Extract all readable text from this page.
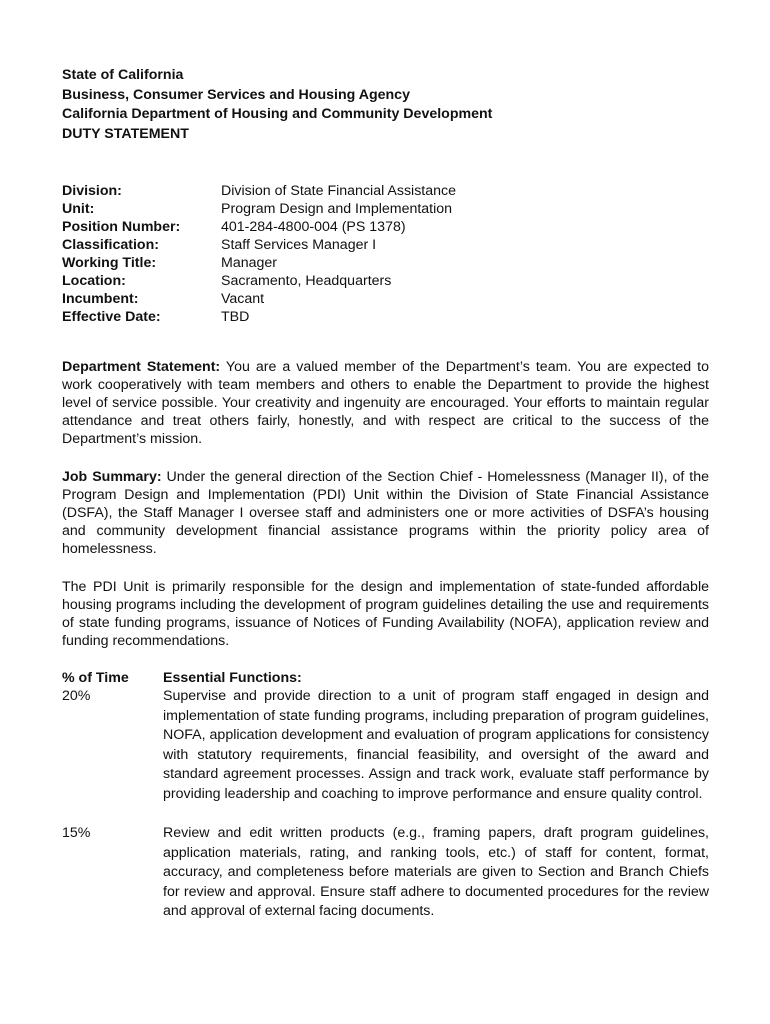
State of California

Business, Consumer Services and Housing Agency

California Department of Housing and Community Development

DUTY STATEMENT

Division:	Division of State Financial Assistance
Unit:	Program Design and Implementation
Position Number:	401-284-4800-004 (PS 1378)
Classification:	Staff Services Manager I
Working Title:	Manager
Location:	Sacramento, Headquarters
Incumbent:	Vacant
Effective Date:	TBD

Department Statement: You are a valued member of the Department’s team. You are expected to work cooperatively with team members and others to enable the Department to provide the highest level of service possible. Your creativity and ingenuity are encouraged. Your efforts to maintain regular attendance and treat others fairly, honestly, and with respect are critical to the success of the Department’s mission.

Job Summary: Under the general direction of the Section Chief - Homelessness (Manager II), of the Program Design and Implementation (PDI) Unit within the Division of State Financial Assistance (DSFA), the Staff Manager I oversee staff and administers one or more activities of DSFA’s housing and community development financial assistance programs within the priority policy area of homelessness.

The PDI Unit is primarily responsible for the design and implementation of state-funded affordable housing programs including the development of program guidelines detailing the use and requirements of state funding programs, issuance of Notices of Funding Availability (NOFA), application review and funding recommendations.

% of Time	Essential Functions:
20%	Supervise and provide direction to a unit of program staff engaged in design and implementation of state funding programs, including preparation of program guidelines, NOFA, application development and evaluation of program applications for consistency with statutory requirements, financial feasibility, and oversight of the award and standard agreement processes. Assign and track work, evaluate staff performance by providing leadership and coaching to improve performance and ensure quality control.
15%	Review and edit written products (e.g., framing papers, draft program guidelines, application materials, rating, and ranking tools, etc.) of staff for content, format, accuracy, and completeness before materials are given to Section and Branch Chiefs for review and approval. Ensure staff adhere to documented procedures for the review and approval of external facing documents.
